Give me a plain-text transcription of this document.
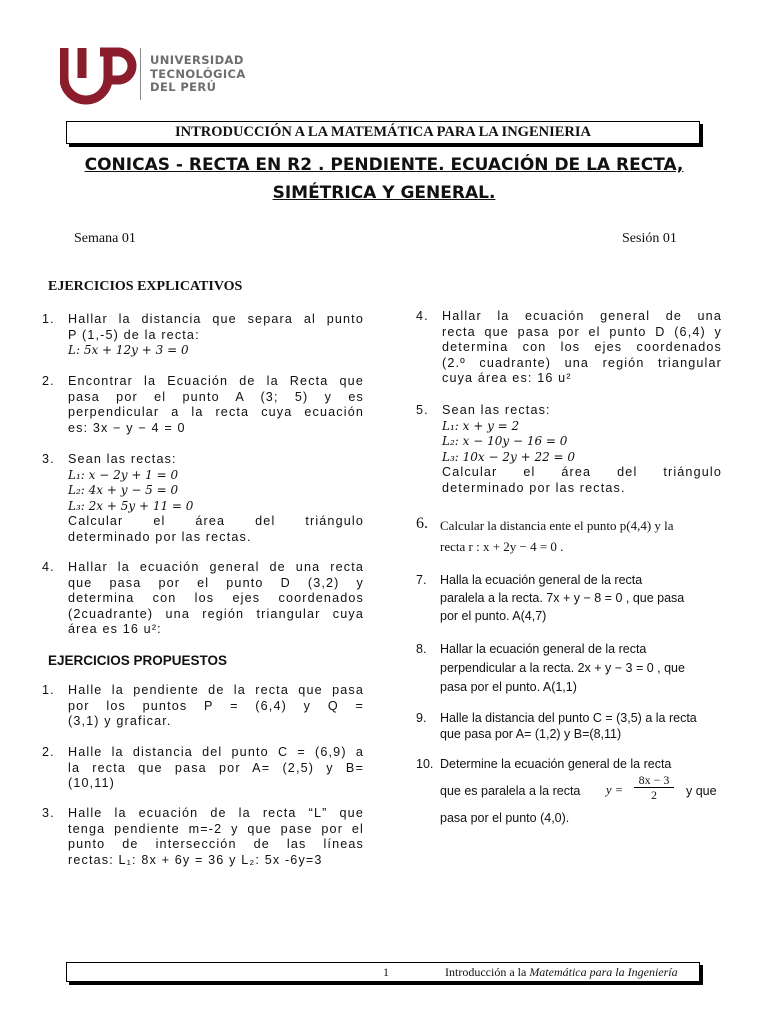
UNIVERSIDAD
TECNOLÓGICA
DEL PERÚ
INTRODUCCIÓN A LA MATEMÁTICA PARA LA INGENIERIA
CONICAS - RECTA EN R2 . PENDIENTE. ECUACIÓN DE LA RECTA,
SIMÉTRICA Y GENERAL.
Semana 01	Sesión 01
EJERCICIOS EXPLICATIVOS
EJERCICIOS PROPUESTOS
1. Hallar la distancia que separa al punto
P (1,-5) de la recta:
L: 5x + 12y + 3 = 0
2. Encontrar la Ecuación de la Recta que
pasa por el punto A (3; 5) y es
perpendicular a la recta cuya ecuación
es: 3x − y − 4 = 0
3. Sean las rectas:
L₁: x − 2y + 1 = 0
L₂: 4x + y − 5 = 0
L₃: 2x + 5y + 11 = 0
Calcular el área del triángulo
determinado por las rectas.
4. Hallar la ecuación general de una recta
que pasa por el punto D (3,2) y
determina con los ejes coordenados
(2cuadrante) una región triangular cuya
área es 16 u²:
1. Halle la pendiente de la recta que pasa
por los puntos P = (6,4) y Q =
(3,1) y graficar.
2. Halle la distancia del punto C = (6,9) a
la recta que pasa por A= (2,5) y B=
(10,11)
3. Halle la ecuación de la recta “L” que
tenga pendiente m=-2 y que pase por el
punto de intersección de las líneas
rectas: L₁: 8x + 6y = 36 y L₂: 5x -6y=3
4. Hallar la ecuación general de una
recta que pasa por el punto D (6,4) y
determina con los ejes coordenados
(2.º cuadrante) una región triangular
cuya área es: 16 u²
5. Sean las rectas:
L₁: x + y = 2
L₂: x − 10y − 16 = 0
L₃: 10x − 2y + 22 = 0
Calcular el área del triángulo
determinado por las rectas.
6. Calcular la distancia ente el punto p(4,4) y la
recta r : x + 2y − 4 = 0 .
7. Halla la ecuación general de la recta
paralela a la recta. 7x + y − 8 = 0 , que pasa
por el punto. A(4,7)
8. Hallar la ecuación general de la recta
perpendicular a la recta. 2x + y − 3 = 0 , que
pasa por el punto. A(1,1)
9. Halle la distancia del punto C = (3,5) a la recta
que pasa por A= (1,2) y B=(8,11)
10. Determine la ecuación general de la recta
que es paralela a la recta $y = \frac{8x - 3}{2}$ y que
pasa por el punto (4,0).
1	Introducción a la Matemática para la Ingeniería
